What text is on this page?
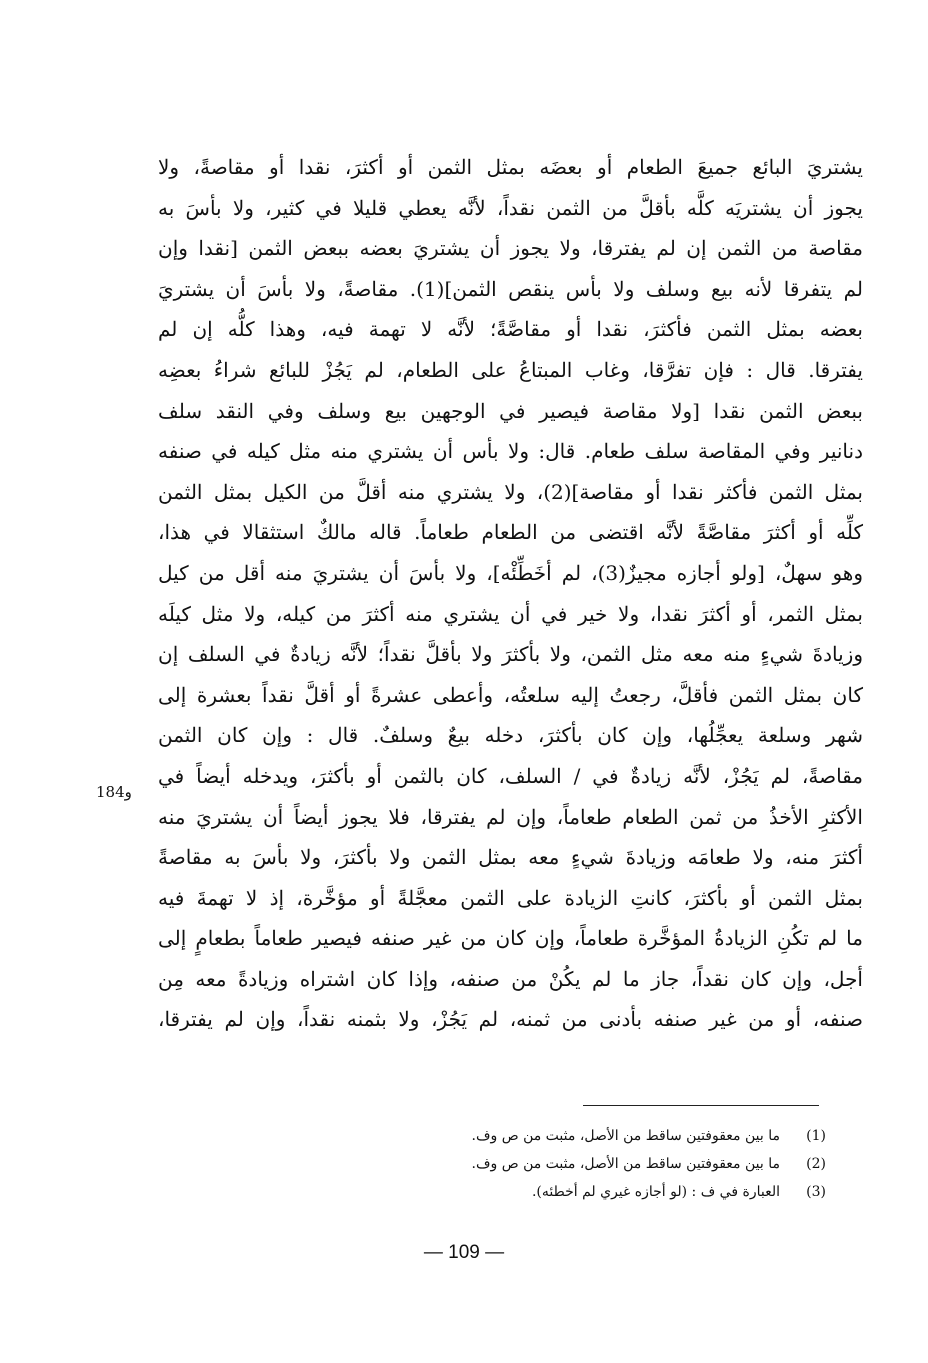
يشتريَ البائع جميعَ الطعام أو بعضَه بمثل الثمن أو أكثرَ، نقدا أو مقاصةً، ولا
يجوز أن يشتريَه كلَّه بأقلَّ من الثمن نقداً، لأنَّه يعطي قليلا في كثير، ولا بأسَ به
مقاصة من الثمن إن لم يفترقا، ولا يجوز أن يشتريَ بعضه ببعض الثمن [نقدا وإن
لم يتفرقا لأنه بيع وسلف ولا بأس ينقص الثمن](1). مقاصةً، ولا بأسَ أن يشتريَ
بعضه بمثل الثمن فأكثرَ، نقدا أو مقاصَّةً؛ لأنَّه لا تهمة فيه، وهذا كلُّه إن لم
يفترقا. قال : فإن تفرَّقا، وغاب المبتاعُ على الطعام، لم يَجُزْ للبائع شراءُ بعضِه
ببعض الثمن نقدا [ولا مقاصة فيصير في الوجهين بيع وسلف وفي النقد سلف
دنانير وفي المقاصة سلف طعام. قال: ولا بأس أن يشتري منه مثل كيله في صنفه
بمثل الثمن فأكثر نقدا أو مقاصة](2)، ولا يشتري منه أقلَّ من الكيل بمثل الثمن
كلِّه أو أكثرَ مقاصَّةً لأنَّه اقتضى من الطعام طعاماً. قاله مالكٌ استثقالا في هذا،
وهو سهلٌ، [ولو أجازه مجيزٌ(3)، لم أخَطِّئْه]، ولا بأسَ أن يشتريَ منه أقل من كيل
بمثل الثمر، أو أكثرَ نقدا، ولا خير في أن يشتري منه أكثرَ من كيله، ولا مثل كيلَه
وزيادةَ شيءٍ منه معه مثل الثمن، ولا بأكثرَ ولا بأقلَّ نقداً؛ لأنَّه زيادةٌ في السلف إن
كان بمثل الثمن فأقلَّ، رجعتُ إليه سلعتُه، وأعطى عشرةً أو أقلَّ نقداً بعشرة إلى
شهر وسلعة يعجِّلُها، وإن كان بأكثرَ، دخله بيعٌ وسلفٌ. قال : وإن كان الثمن
مقاصةً، لم يَجُزْ، لأنَّه زيادةٌ في / السلف، كان بالثمن أو بأكثرَ، ويدخله أيضاً في
الأكثرِ الأخذُ من ثمن الطعام طعاماً، وإن لم يفترقا، فلا يجوز أيضاً أن يشتريَ منه
أكثرَ منه، ولا طعامَه وزيادةَ شيءٍ معه بمثل الثمن ولا بأكثرَ، ولا بأسَ به مقاصةً
بمثل الثمن أو بأكثرَ، كانتِ الزيادة على الثمن معجَّلةً أو مؤخَّرة، إذ لا تهمةَ فيه
ما لم تكُنِ الزيادةُ المؤخَّرة طعاماً، وإن كان من غير صنفه فيصير طعاماً بطعامٍ إلى
أجل، وإن كان نقداً، جاز ما لم يكُنْ من صنفه، وإذا كان اشتراه وزيادةً معه مِن
صنفه، أو من غير صنفه بأدنى من ثمنه، لم يَجُزْ، ولا بثمنه نقداً، وإن لم يفترقا،
184و
(1)
ما بين معقوفتين ساقط من الأصل، مثبت من ص وف.
(2)
ما بين معقوفتين ساقط من الأصل، مثبت من ص وف.
(3)
العبارة في ف : (لو أجازه غيري لم أخطئه).
— 109 —
